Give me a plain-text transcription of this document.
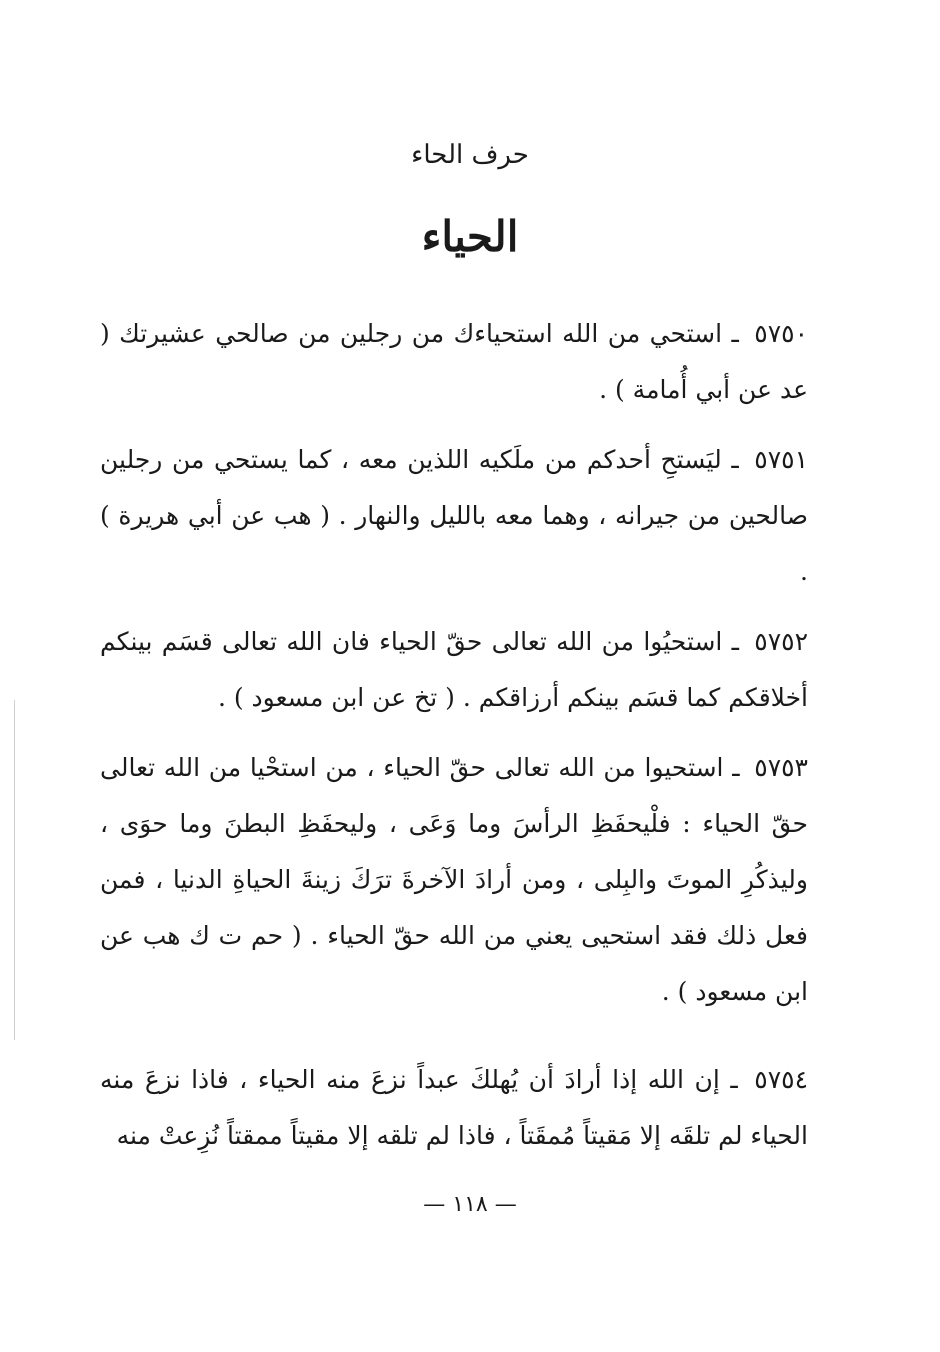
حرف الحاء
الحياء
٥٧٥٠ ـ استحي من الله استحياءك من رجلين من صالحي عشيرتك ( عد عن أبي أُمامة ) .
٥٧٥١ ـ ليَستحِ أحدكم من ملَكيه اللذين معه ، كما يستحي من رجلين صالحين من جيرانه ، وهما معه بالليل والنهار . ( هب عن أبي هريرة ) .
٥٧٥٢ ـ استحيُوا من الله تعالى حقّ الحياء فان الله تعالى قسَم بينكم أخلاقكم كما قسَم بينكم أرزاقكم . ( تخ عن ابن مسعود ) .
٥٧٥٣ ـ استحيوا من الله تعالى حقّ الحياء ، من استحْيا من الله تعالى حقّ الحياء : فلْيحفَظِ الرأسَ وما وَعَى ، وليحفَظِ البطنَ وما حوَى ، وليذكُرِ الموتَ والبِلى ، ومن أرادَ الآخرةَ ترَكَ زينةَ الحياةِ الدنيا ، فمن فعل ذلك فقد استحيى يعني من الله حقّ الحياء . ( حم ت ك هب عن ابن مسعود ) .
٥٧٥٤ ـ إن الله إذا أرادَ أن يُهلكَ عبداً نزعَ منه الحياء ، فاذا نزعَ منه الحياء لم تلقَه إلا مَقيتاً مُمقَتاً ، فاذا لم تلقه إلا مقيتاً ممقتاً نُزِعتْ منه
— ١١٨ —
